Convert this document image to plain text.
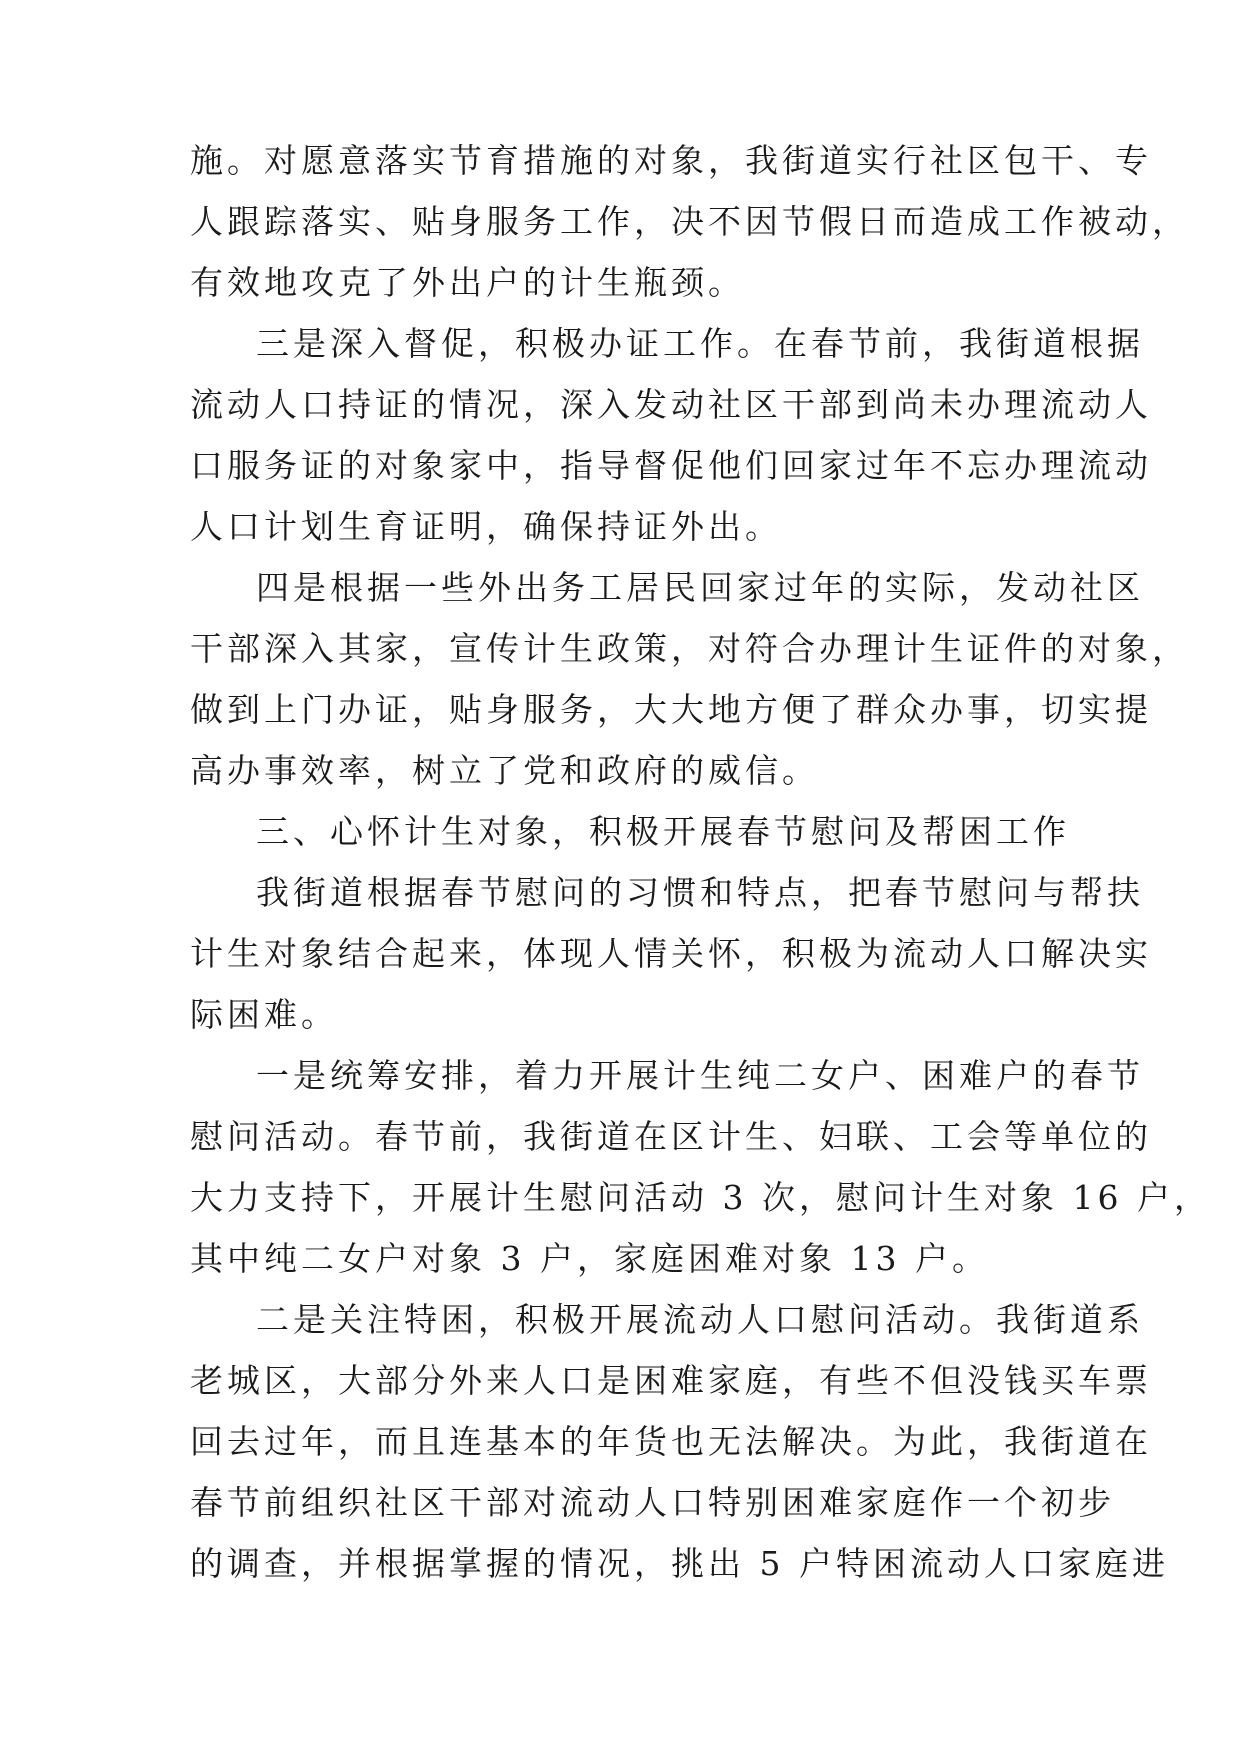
施。对愿意落实节育措施的对象，我街道实行社区包干、专
人跟踪落实、贴身服务工作，决不因节假日而造成工作被动，
有效地攻克了外出户的计生瓶颈。
三是深入督促，积极办证工作。在春节前，我街道根据
流动人口持证的情况，深入发动社区干部到尚未办理流动人
口服务证的对象家中，指导督促他们回家过年不忘办理流动
人口计划生育证明，确保持证外出。
四是根据一些外出务工居民回家过年的实际，发动社区
干部深入其家，宣传计生政策，对符合办理计生证件的对象，
做到上门办证，贴身服务，大大地方便了群众办事，切实提
高办事效率，树立了党和政府的威信。
三、心怀计生对象，积极开展春节慰问及帮困工作
我街道根据春节慰问的习惯和特点，把春节慰问与帮扶
计生对象结合起来，体现人情关怀，积极为流动人口解决实
际困难。
一是统筹安排，着力开展计生纯二女户、困难户的春节
慰问活动。春节前，我街道在区计生、妇联、工会等单位的
大力支持下，开展计生慰问活动 3 次，慰问计生对象 16 户，
其中纯二女户对象 3 户，家庭困难对象 13 户。
二是关注特困，积极开展流动人口慰问活动。我街道系
老城区，大部分外来人口是困难家庭，有些不但没钱买车票
回去过年，而且连基本的年货也无法解决。为此，我街道在
春节前组织社区干部对流动人口特别困难家庭作一个初步
的调查，并根据掌握的情况，挑出 5 户特困流动人口家庭进
